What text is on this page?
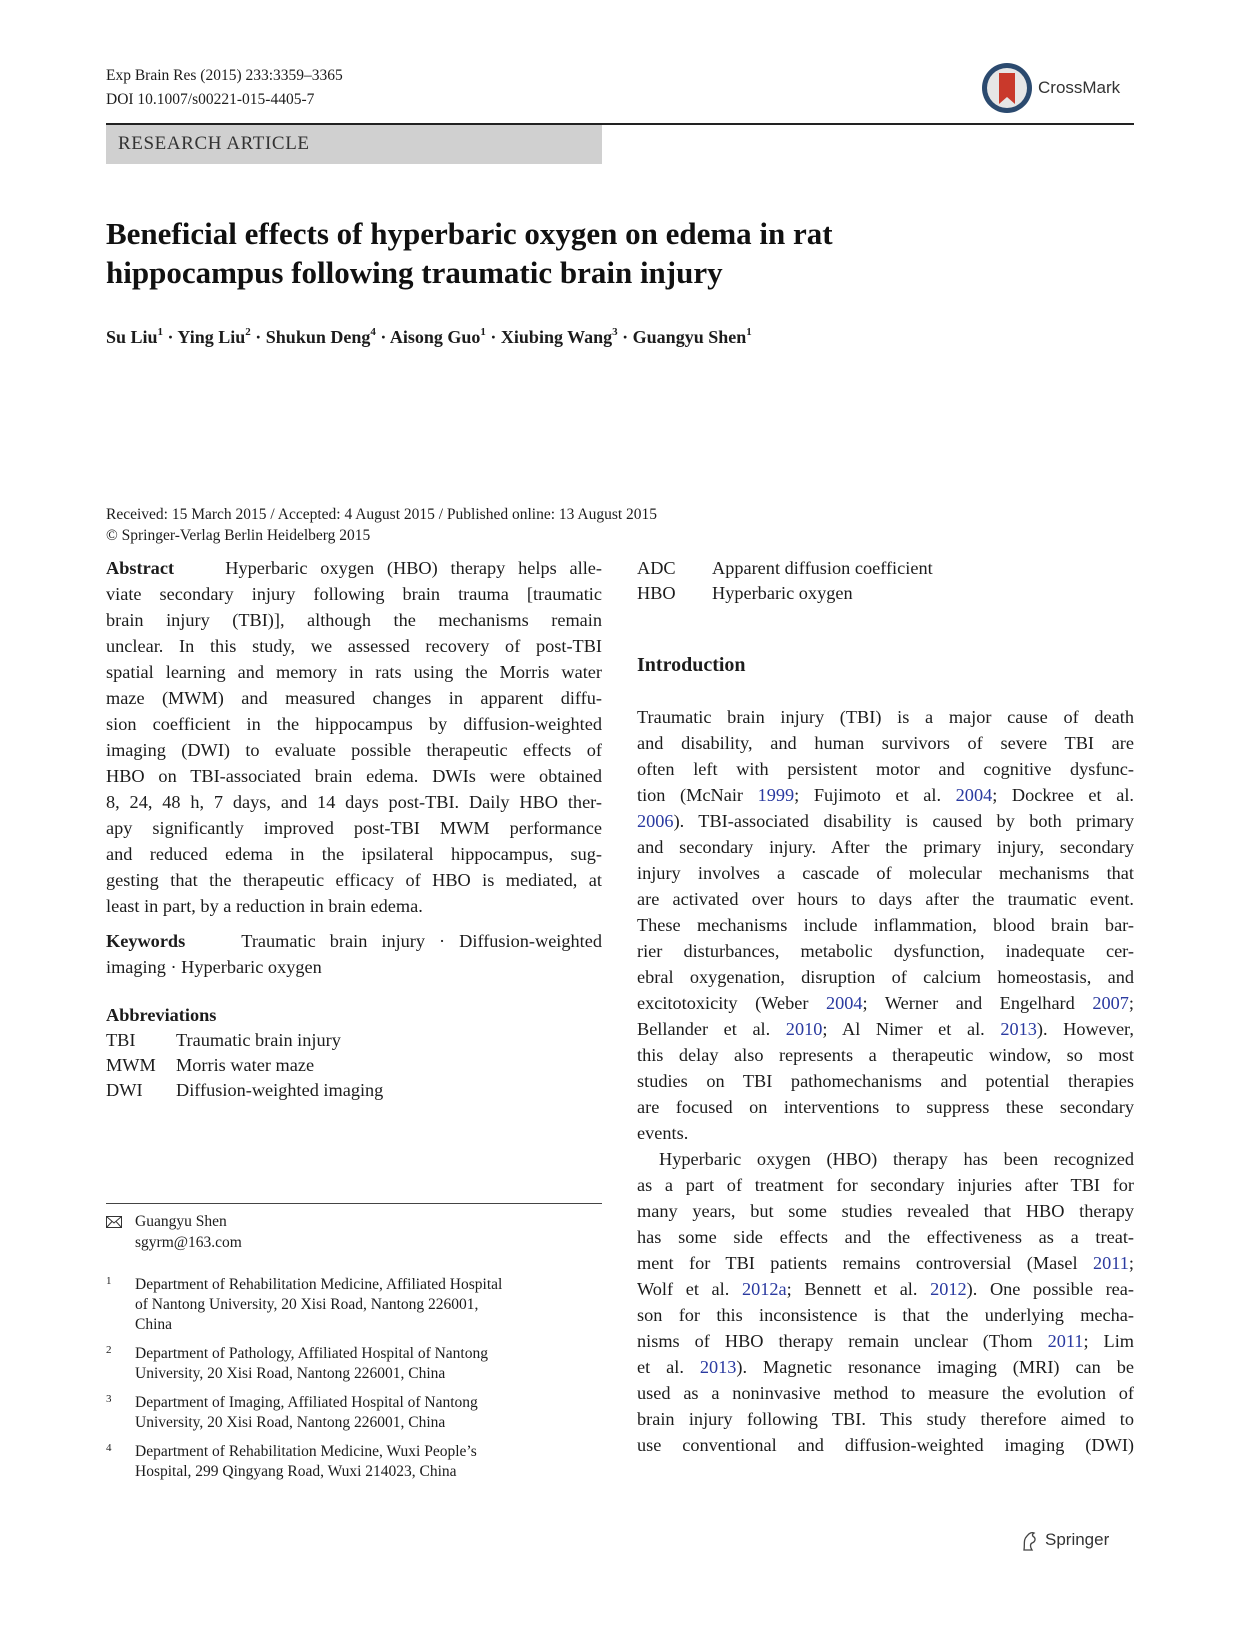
Exp Brain Res (2015) 233:3359–3365
DOI 10.1007/s00221-015-4405-7
CrossMark
RESEARCH ARTICLE
Beneficial effects of hyperbaric oxygen on edema in rat
hippocampus following traumatic brain injury
Su Liu$^1$ · Ying Liu$^2$ · Shukun Deng$^4$ · Aisong Guo$^1$ · Xiubing Wang$^3$ · Guangyu Shen$^1$
Received: 15 March 2015 / Accepted: 4 August 2015 / Published online: 13 August 2015
© Springer-Verlag Berlin Heidelberg 2015
Abstract	Hyperbaric oxygen (HBO) therapy helps alle-
viate secondary injury following brain trauma [traumatic
brain injury (TBI)], although the mechanisms remain
unclear. In this study, we assessed recovery of post-TBI
spatial learning and memory in rats using the Morris water
maze (MWM) and measured changes in apparent diffu-
sion coefficient in the hippocampus by diffusion-weighted
imaging (DWI) to evaluate possible therapeutic effects of
HBO on TBI-associated brain edema. DWIs were obtained
8, 24, 48 h, 7 days, and 14 days post-TBI. Daily HBO ther-
apy significantly improved post-TBI MWM performance
and reduced edema in the ipsilateral hippocampus, sug-
gesting that the therapeutic efficacy of HBO is mediated, at
least in part, by a reduction in brain edema.
Keywords	Traumatic brain injury · Diffusion-weighted
imaging · Hyperbaric oxygen
Abbreviations
TBI Traumatic brain injury
MWM Morris water maze
DWI Diffusion-weighted imaging
Guangyu Shen
sgyrm@163.com
1 Department of Rehabilitation Medicine, Affiliated Hospital
of Nantong University, 20 Xisi Road, Nantong 226001,
China
2 Department of Pathology, Affiliated Hospital of Nantong
University, 20 Xisi Road, Nantong 226001, China
3 Department of Imaging, Affiliated Hospital of Nantong
University, 20 Xisi Road, Nantong 226001, China
4 Department of Rehabilitation Medicine, Wuxi People’s
Hospital, 299 Qingyang Road, Wuxi 214023, China
ADC Apparent diffusion coefficient
HBO Hyperbaric oxygen
Introduction
Traumatic brain injury (TBI) is a major cause of death
and disability, and human survivors of severe TBI are
often left with persistent motor and cognitive dysfunc-
tion (McNair 1999; Fujimoto et al. 2004; Dockree et al.
2006). TBI-associated disability is caused by both primary
and secondary injury. After the primary injury, secondary
injury involves a cascade of molecular mechanisms that
are activated over hours to days after the traumatic event.
These mechanisms include inflammation, blood brain bar-
rier disturbances, metabolic dysfunction, inadequate cer-
ebral oxygenation, disruption of calcium homeostasis, and
excitotoxicity (Weber 2004; Werner and Engelhard 2007;
Bellander et al. 2010; Al Nimer et al. 2013). However,
this delay also represents a therapeutic window, so most
studies on TBI pathomechanisms and potential therapies
are focused on interventions to suppress these secondary
events.
Hyperbaric oxygen (HBO) therapy has been recognized
as a part of treatment for secondary injuries after TBI for
many years, but some studies revealed that HBO therapy
has some side effects and the effectiveness as a treat-
ment for TBI patients remains controversial (Masel 2011;
Wolf et al. 2012a; Bennett et al. 2012). One possible rea-
son for this inconsistence is that the underlying mecha-
nisms of HBO therapy remain unclear (Thom 2011; Lim
et al. 2013). Magnetic resonance imaging (MRI) can be
used as a noninvasive method to measure the evolution of
brain injury following TBI. This study therefore aimed to
use conventional and diffusion-weighted imaging (DWI)
Springer
